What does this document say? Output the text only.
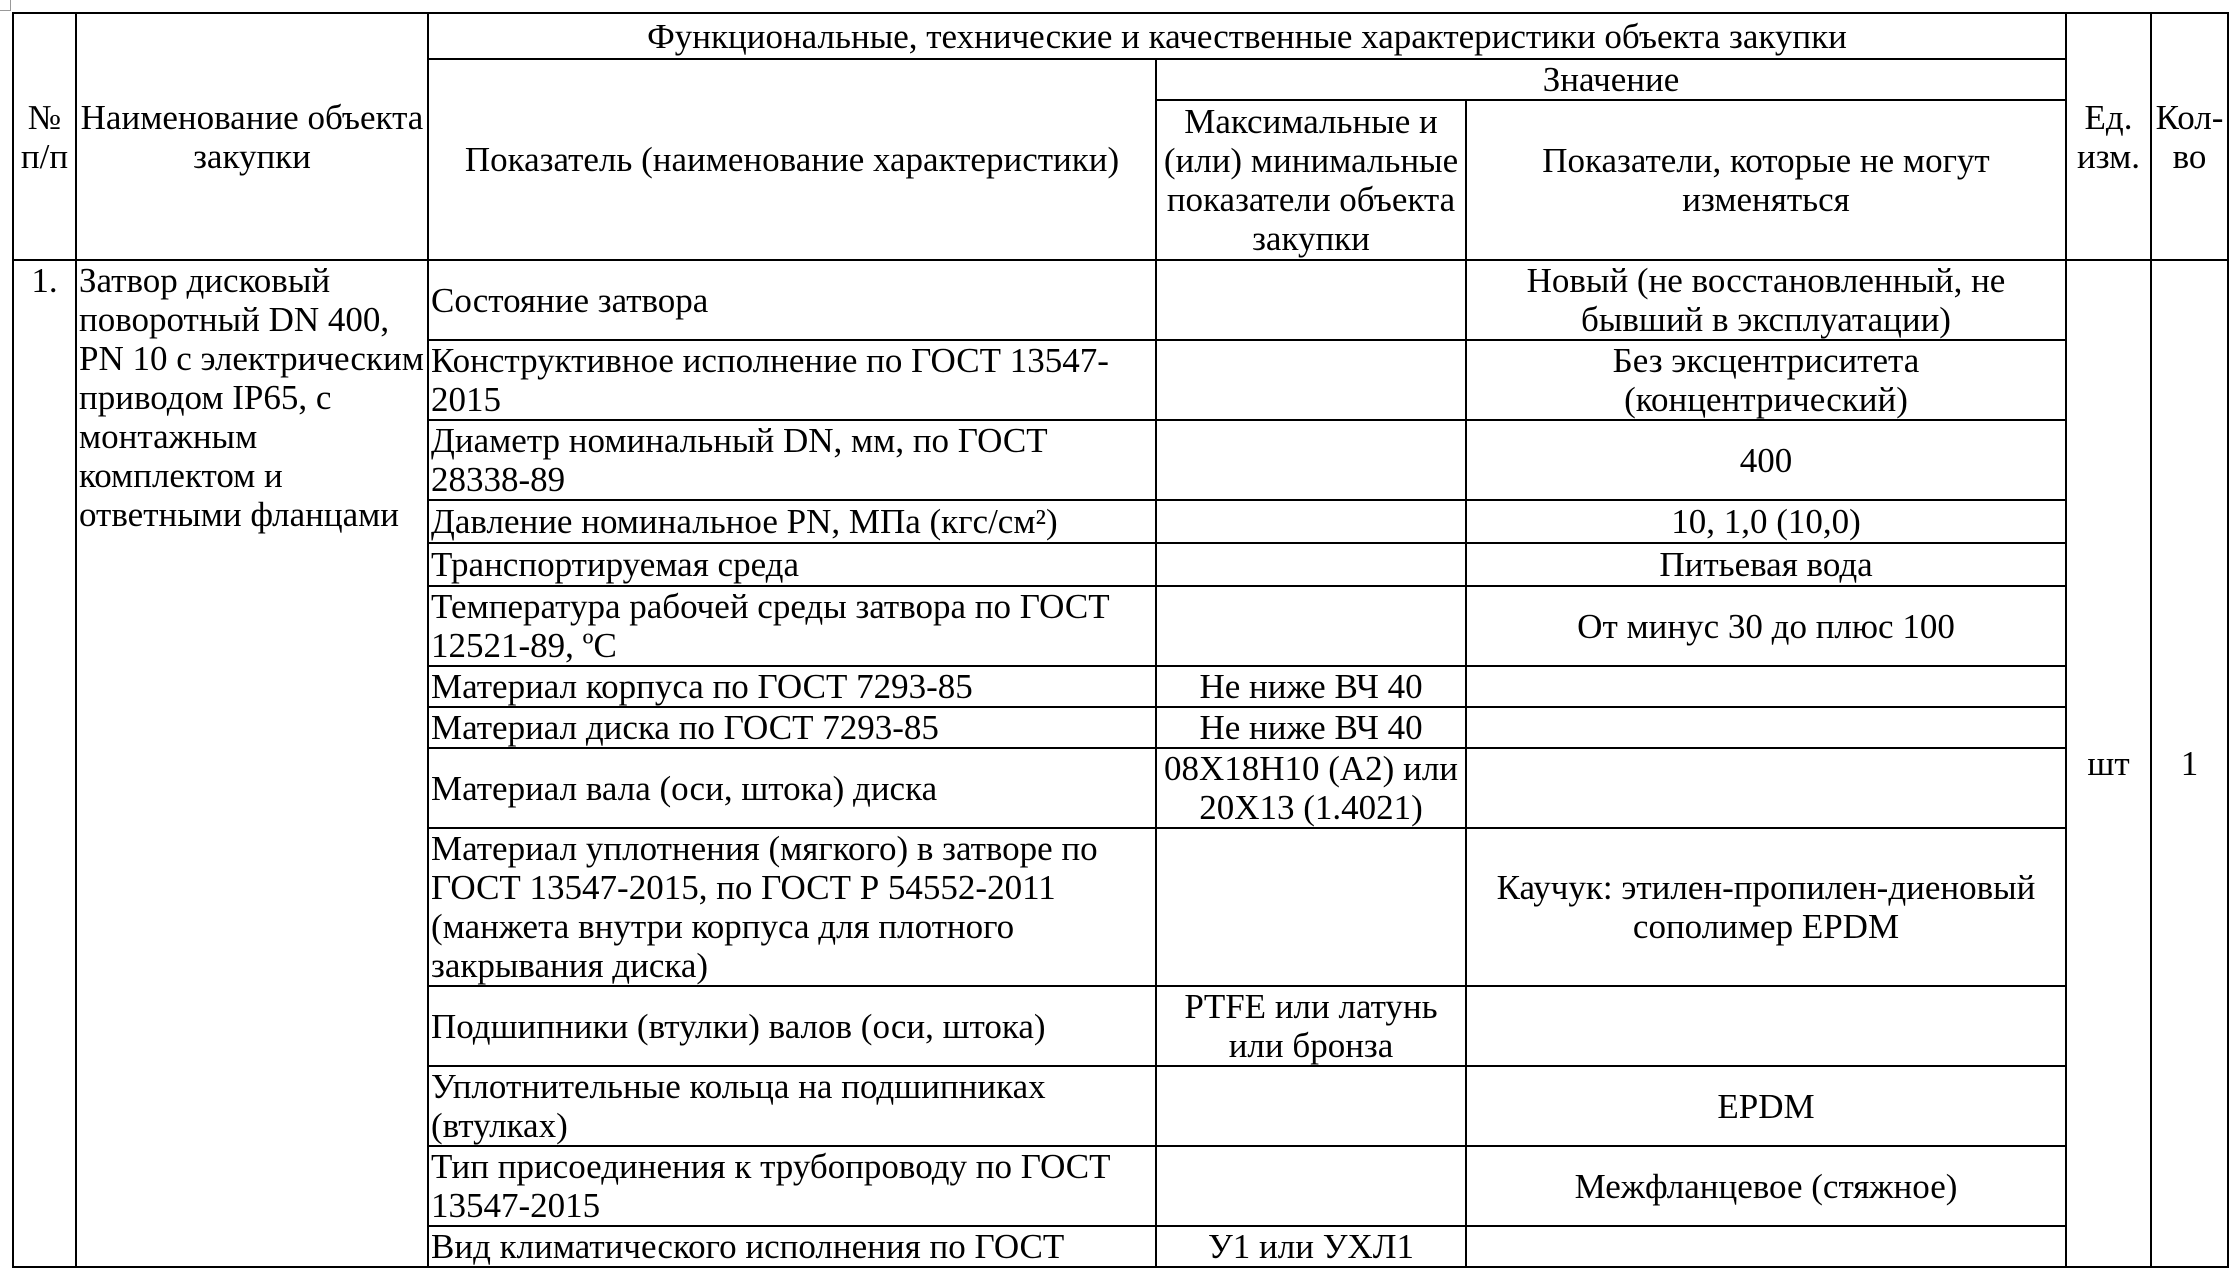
№ п/п	Наименование объекта закупки	Функциональные, технические и качественные характеристики объекта закупки			Ед. изм.	Кол-во
		Показатель (наименование характеристики)	Значение			
			Максимальные и (или) минимальные показатели объекта закупки	Показатели, которые не могут изменяться		
1.	Затвор дисковый поворотный DN 400, PN 10 с электрическим приводом IP65, с монтажным комплектом и ответными фланцами	Состояние затвора		Новый (не восстановленный, не бывший в эксплуатации)	шт	1
		Конструктивное исполнение по ГОСТ 13547-2015		Без эксцентриситета (концентрический)		
		Диаметр номинальный DN, мм, по ГОСТ 28338-89		400		
		Давление номинальное PN, МПа (кгс/см²)		10, 1,0 (10,0)		
		Транспортируемая среда		Питьевая вода		
		Температура рабочей среды затвора по ГОСТ 12521-89, ºС		От минус 30 до плюс 100		
		Материал корпуса по ГОСТ 7293-85	Не ниже ВЧ 40			
		Материал диска по ГОСТ 7293-85	Не ниже ВЧ 40			
		Материал вала (оси, штока) диска	08Х18Н10 (А2) или 20Х13 (1.4021)			
		Материал уплотнения (мягкого) в затворе по ГОСТ 13547-2015, по ГОСТ Р 54552-2011 (манжета внутри корпуса для плотного закрывания диска)		Каучук: этилен-пропилен-диеновый сополимер EPDM		
		Подшипники (втулки) валов (оси, штока)	PTFE или латунь или бронза			
		Уплотнительные кольца на подшипниках (втулках)		EPDM		
		Тип присоединения к трубопроводу по ГОСТ 13547-2015		Межфланцевое (стяжное)		
		Вид климатического исполнения по ГОСТ	У1 или УХЛ1			
